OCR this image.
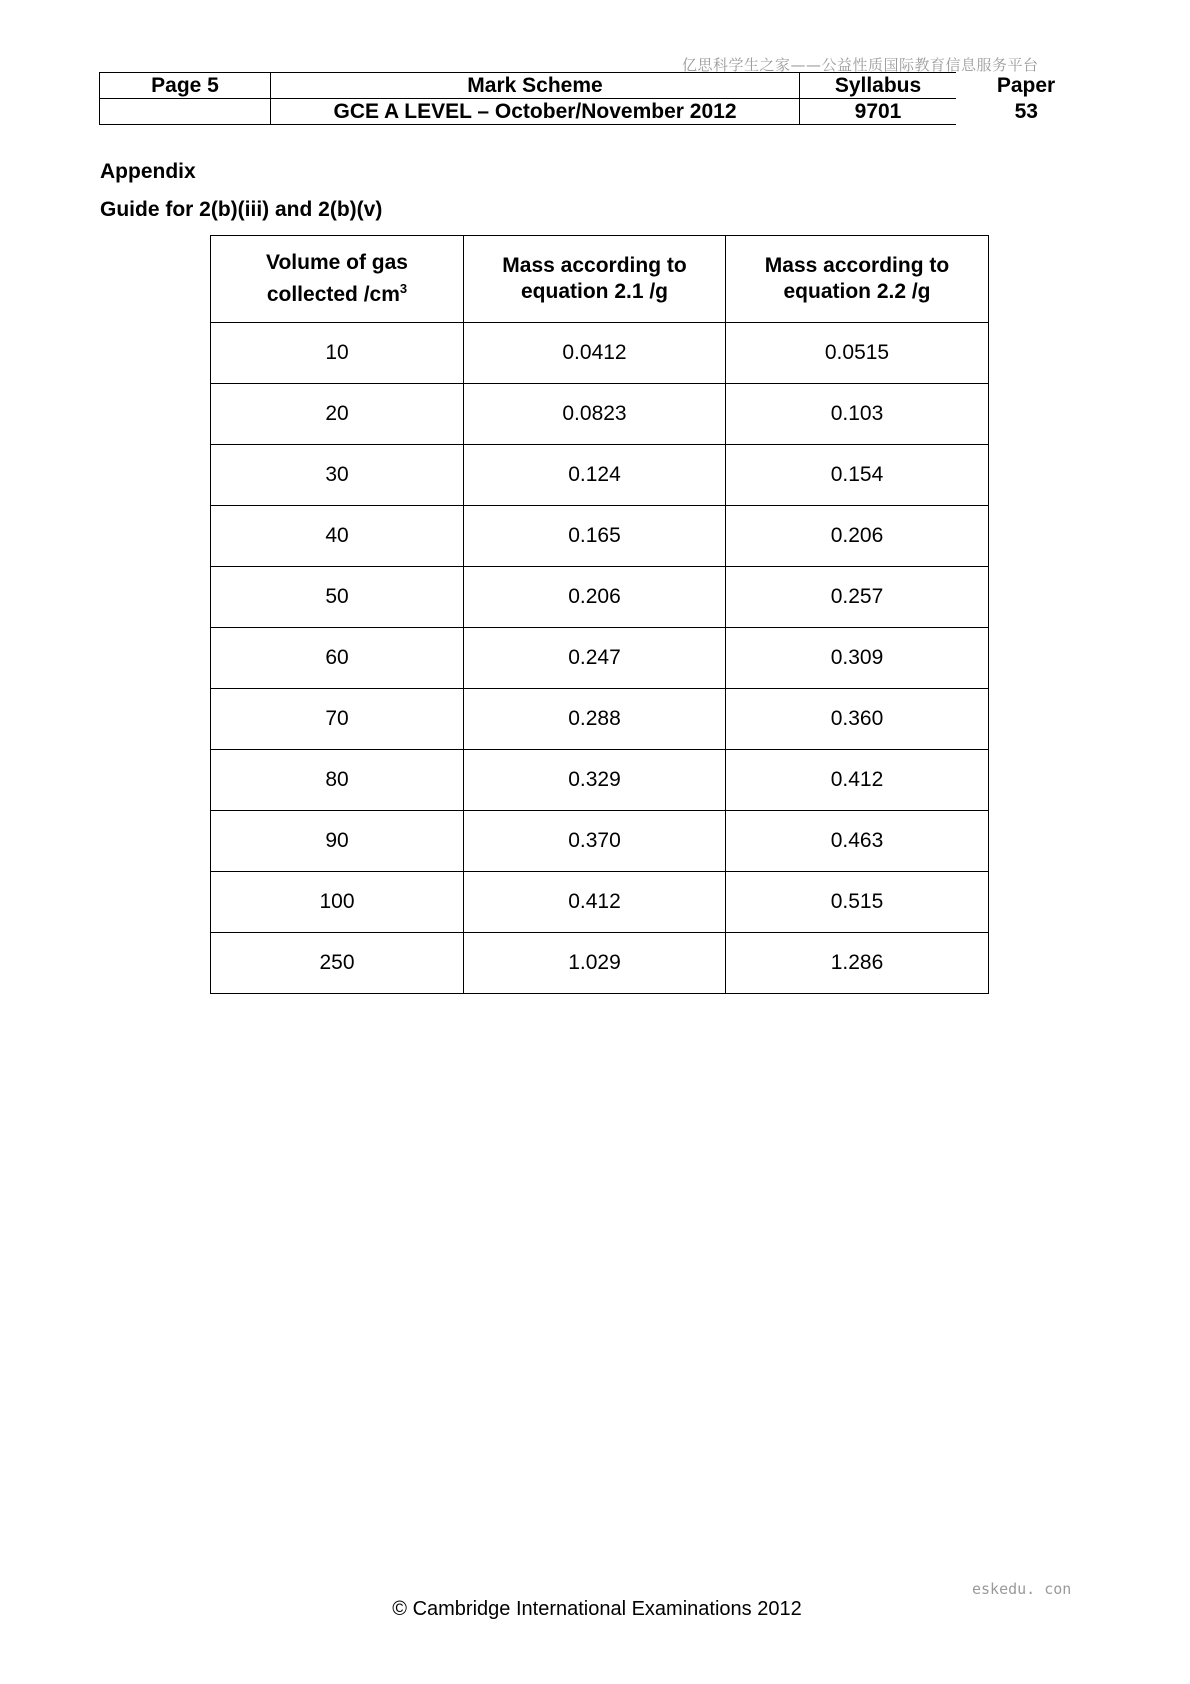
亿思科学生之家——公益性质国际教育信息服务平台
Page 5	Mark Scheme	Syllabus	Paper
	GCE A LEVEL – October/November 2012	9701	53
Appendix
Guide for 2(b)(iii) and 2(b)(v)
Volume of gas
collected $/cm^3$	Mass according to
equation 2.1 /g	Mass according to
equation 2.2 /g
10	0.0412	0.0515
20	0.0823	0.103
30	0.124	0.154
40	0.165	0.206
50	0.206	0.257
60	0.247	0.309
70	0.288	0.360
80	0.329	0.412
90	0.370	0.463
100	0.412	0.515
250	1.029	1.286
eskedu. con
© Cambridge International Examinations 2012
